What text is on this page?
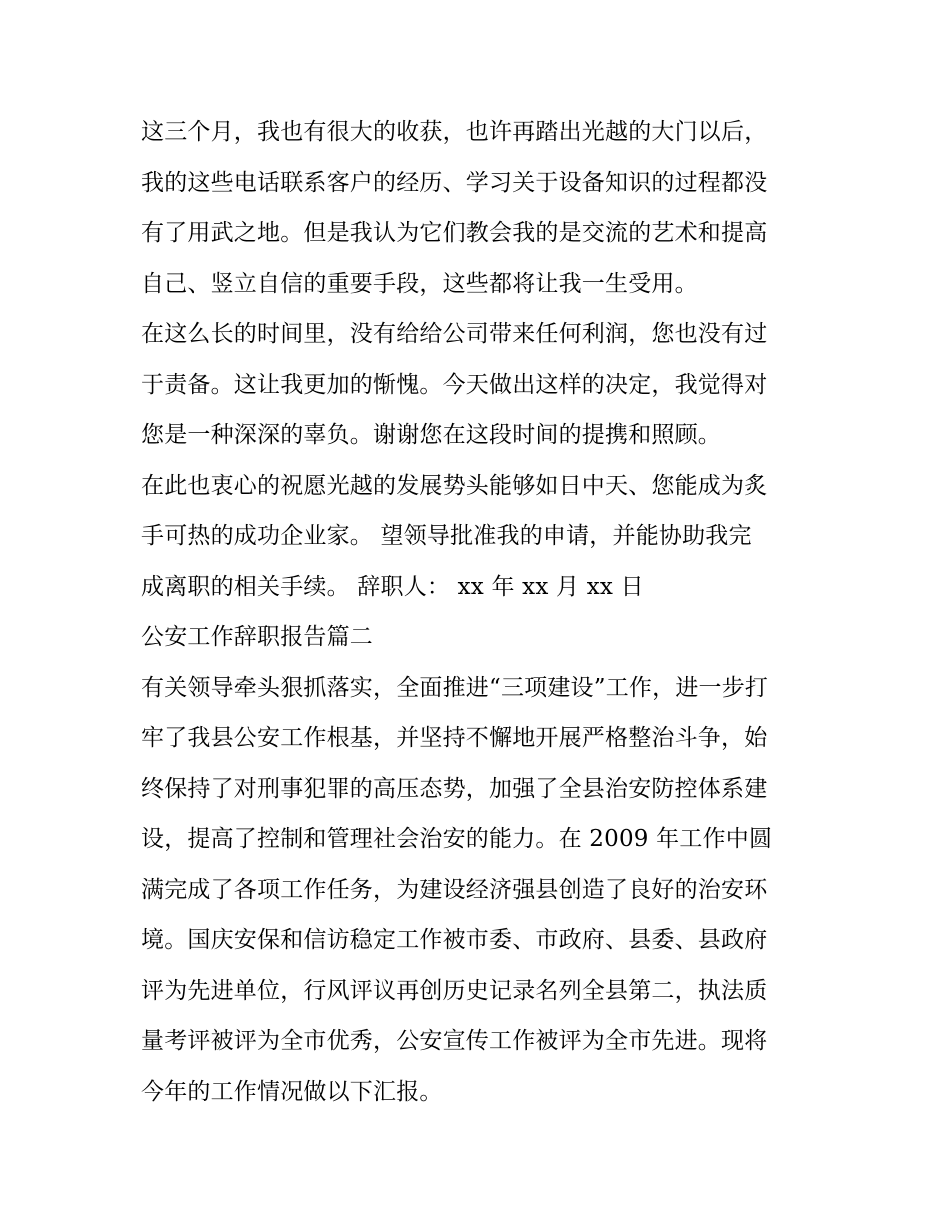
这三个月，我也有很大的收获，也许再踏出光越的大门以后，
我的这些电话联系客户的经历、学习关于设备知识的过程都没
有了用武之地。但是我认为它们教会我的是交流的艺术和提高
自己、竖立自信的重要手段，这些都将让我一生受用。
在这么长的时间里，没有给给公司带来任何利润，您也没有过
于责备。这让我更加的惭愧。今天做出这样的决定，我觉得对
您是一种深深的辜负。谢谢您在这段时间的提携和照顾。
在此也衷心的祝愿光越的发展势头能够如日中天、您能成为炙
手可热的成功企业家。 望领导批准我的申请，并能协助我完
成离职的相关手续。 辞职人： xx 年 xx 月 xx 日
公安工作辞职报告篇二
有关领导牵头狠抓落实，全面推进“三项建设”工作，进一步打
牢了我县公安工作根基，并坚持不懈地开展严格整治斗争，始
终保持了对刑事犯罪的高压态势，加强了全县治安防控体系建
设，提高了控制和管理社会治安的能力。在 2009 年工作中圆
满完成了各项工作任务，为建设经济强县创造了良好的治安环
境。国庆安保和信访稳定工作被市委、市政府、县委、县政府
评为先进单位，行风评议再创历史记录名列全县第二，执法质
量考评被评为全市优秀，公安宣传工作被评为全市先进。现将
今年的工作情况做以下汇报。
